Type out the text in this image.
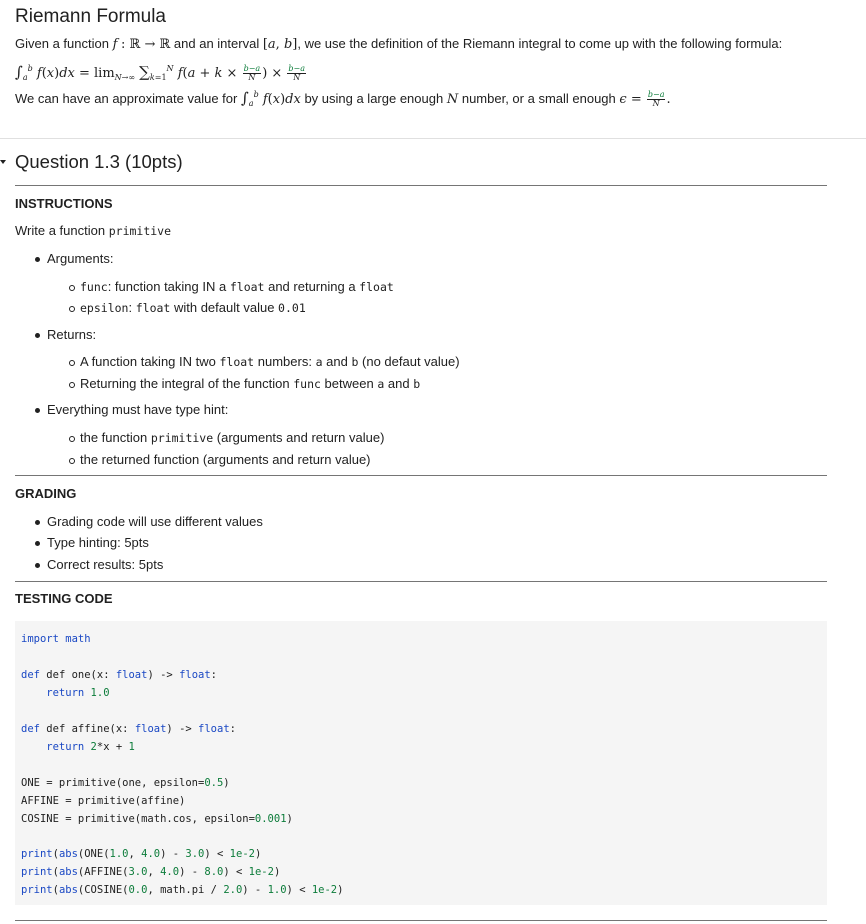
Riemann Formula

Given a function f : ℝ → ℝ and an interval [a, b], we use the definition of the Riemann integral to come up with the following formula:

$\int_a^b$ $f(x)dx = \lim_{N\to\infty} \sum_{k=1}^N$ $f(a + k \times \frac{b-a}{N}$ ) × $\frac{b-a}{N}$

We can have an approximate value for $\int_a^b$ f(x)dx by using a large enough N number, or a small enough $\epsilon = \frac{b-a}{N}$ .

Question 1.3 (10pts)
INSTRUCTIONS
Write a function primitive
Arguments:
func: function taking IN a float and returning a float
epsilon: float with default value 0.01
Returns:
A function taking IN two float numbers: a and b (no defaut value)
Returning the integral of the function func between a and b
Everything must have type hint:
the function primitive (arguments and return value)
the returned function (arguments and return value)
GRADING
Grading code will use different values
Type hinting: 5pts
Correct results: 5pts
TESTING CODE
import math
def def one(x: float) -> float:
return 1.0
def def affine(x: float) -> float:
return 2*x + 1
ONE = primitive(one, epsilon=0.5)
AFFINE = primitive(affine)
COSINE = primitive(math.cos, epsilon=0.001)
print(abs(ONE(1.0, 4.0) - 3.0) < 1e-2)
print(abs(AFFINE(3.0, 4.0) - 8.0) < 1e-2)
print(abs(COSINE(0.0, math.pi / 2.0) - 1.0) < 1e-2)
